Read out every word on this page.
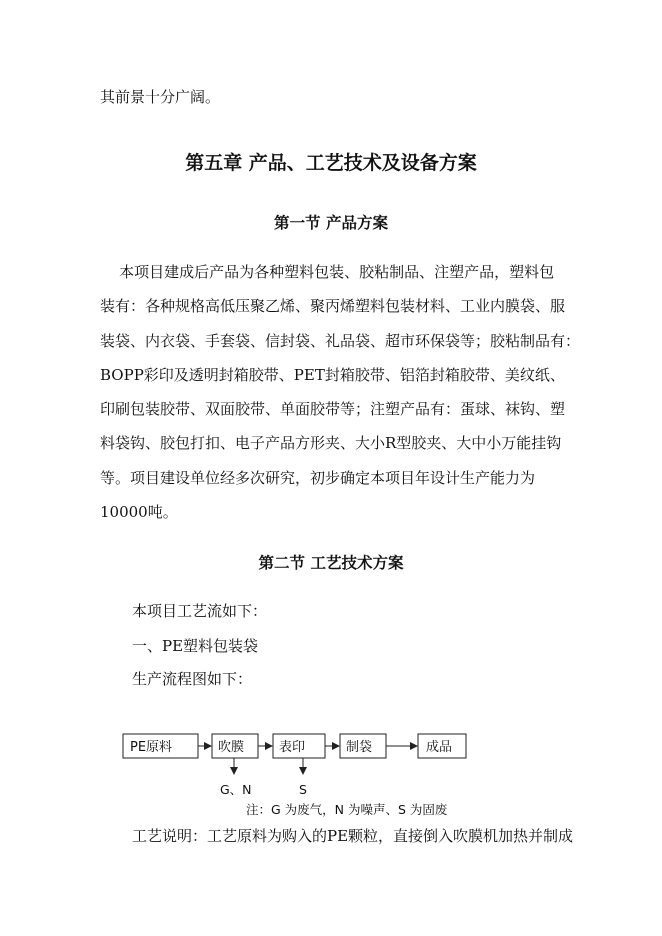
其前景十分广阔。
第五章 产品、工艺技术及设备方案
第一节 产品方案
本项目建成后产品为各种塑料包装、胶粘制品、注塑产品，塑料包
装有：各种规格高低压聚乙烯、聚丙烯塑料包装材料、工业内膜袋、服
装袋、内衣袋、手套袋、信封袋、礼品袋、超市环保袋等；胶粘制品有：
BOPP彩印及透明封箱胶带、PET封箱胶带、铝箔封箱胶带、美纹纸、
印刷包装胶带、双面胶带、单面胶带等；注塑产品有：蛋球、袜钩、塑
料袋钩、胶包打扣、电子产品方形夹、大小R型胶夹、大中小万能挂钩
等。项目建设单位经多次研究，初步确定本项目年设计生产能力为
10000吨。
第二节 工艺技术方案
本项目工艺流如下：
一、PE塑料包装袋
生产流程图如下：
PE原料	吹膜	表印	制袋	成品
G、N	S
注：G 为废气，N 为噪声、S 为固废
工艺说明：工艺原料为购入的PE颗粒，直接倒入吹膜机加热并制成
